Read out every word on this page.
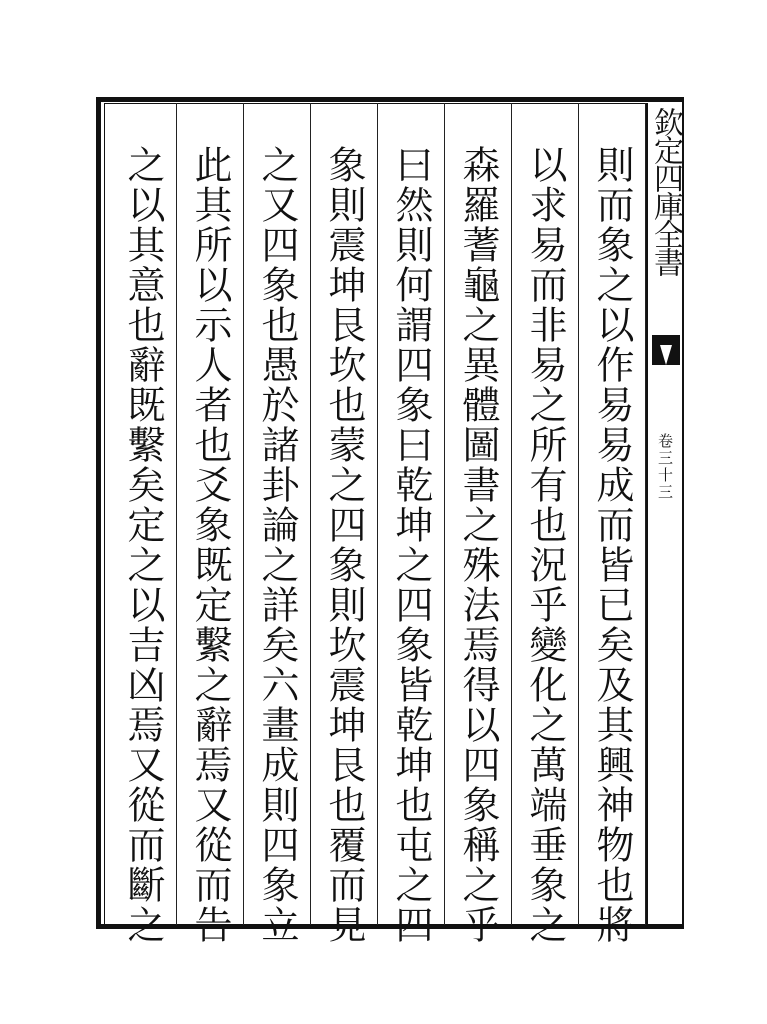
則而象之以作易易成而皆已矣及其興神物也將
以求易而非易之所有也況乎變化之萬端垂象之
森羅蓍龜之異體圖書之殊法焉得以四象稱之乎
曰然則何謂四象曰乾坤之四象皆乾坤也屯之四
象則震坤艮坎也蒙之四象則坎震坤艮也覆而見
之又四象也愚於諸卦論之詳矣六畫成則四象立
此其所以示人者也爻象既定繫之辭焉又從而告
之以其意也辭既繫矣定之以吉凶焉又從而斷之	欽定四庫全書
卷三十三
